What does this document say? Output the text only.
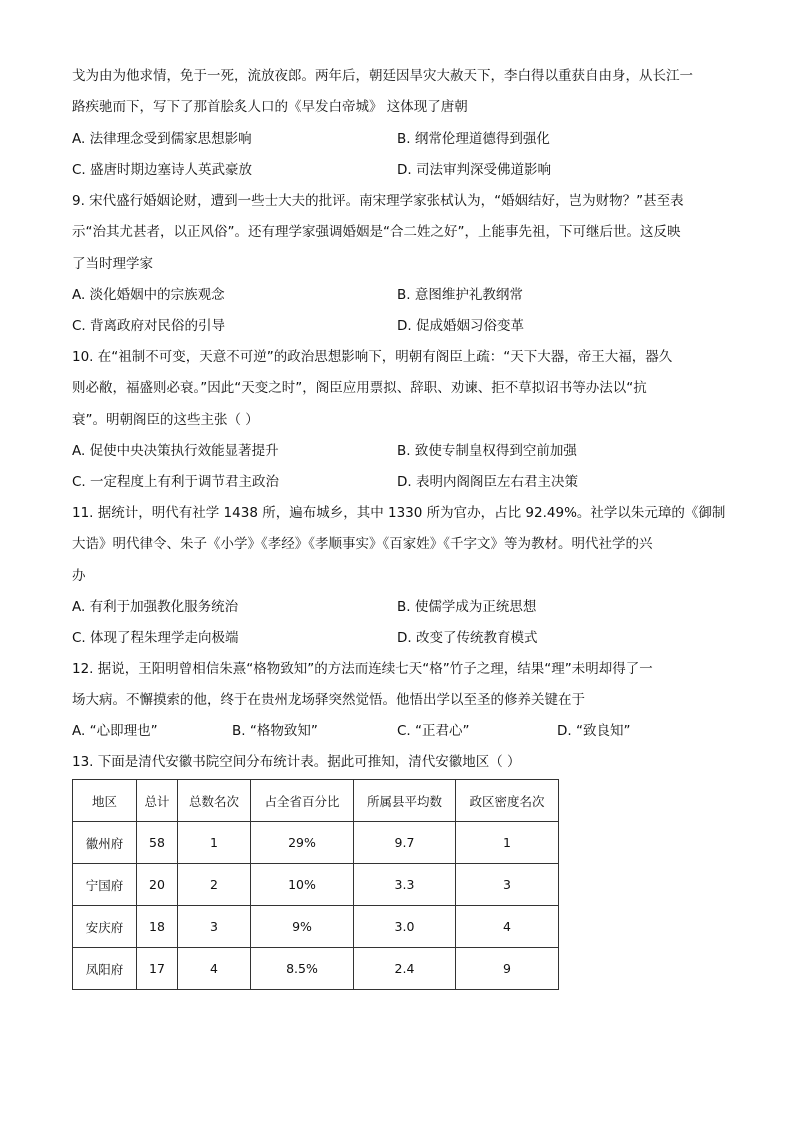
戈为由为他求情，免于一死，流放夜郎。两年后，朝廷因旱灾大赦天下，李白得以重获自由身，从长江一
路疾驰而下，写下了那首脍炙人口的《早发白帝城》 这体现了唐朝
A. 法律理念受到儒家思想影响	B. 纲常伦理道德得到强化
C. 盛唐时期边塞诗人英武豪放	D. 司法审判深受佛道影响
9. 宋代盛行婚姻论财，遭到一些士大夫的批评。南宋理学家张栻认为，“婚姻结好，岂为财物？”甚至表
示“治其尤甚者，以正风俗”。还有理学家强调婚姻是“合二姓之好”，上能事先祖，下可继后世。这反映
了当时理学家
A. 淡化婚姻中的宗族观念	B. 意图维护礼教纲常
C. 背离政府对民俗的引导	D. 促成婚姻习俗变革
10. 在“祖制不可变，天意不可逆”的政治思想影响下，明朝有阁臣上疏：“天下大器，帝王大福，器久
则必敝，福盛则必衰。”因此“天变之时”，阁臣应用票拟、辞职、劝谏、拒不草拟诏书等办法以“抗
衰”。明朝阁臣的这些主张（ ）
A. 促使中央决策执行效能显著提升	B. 致使专制皇权得到空前加强
C. 一定程度上有利于调节君主政治	D. 表明内阁阁臣左右君主决策
11. 据统计，明代有社学 1438 所，遍布城乡，其中 1330 所为官办，占比 92.49%。社学以朱元璋的《御制
大诰》明代律令、朱子《小学》《孝经》《孝顺事实》《百家姓》《千字文》等为教材。明代社学的兴
办
A. 有利于加强教化服务统治	B. 使儒学成为正统思想
C. 体现了程朱理学走向极端	D. 改变了传统教育模式
12. 据说，王阳明曾相信朱熹“格物致知”的方法而连续七天“格”竹子之理，结果“理”未明却得了一
场大病。不懈摸索的他，终于在贵州龙场驿突然觉悟。他悟出学以至圣的修养关键在于
A. “心即理也”	B. “格物致知”	C. “正君心”	D. “致良知”
13. 下面是清代安徽书院空间分布统计表。据此可推知，清代安徽地区（ ）
地区	总计	总数名次	占全省百分比	所属县平均数	政区密度名次
徽州府	58	1	29%	9.7	1
宁国府	20	2	10%	3.3	3
安庆府	18	3	9%	3.0	4
凤阳府	17	4	8.5%	2.4	9
